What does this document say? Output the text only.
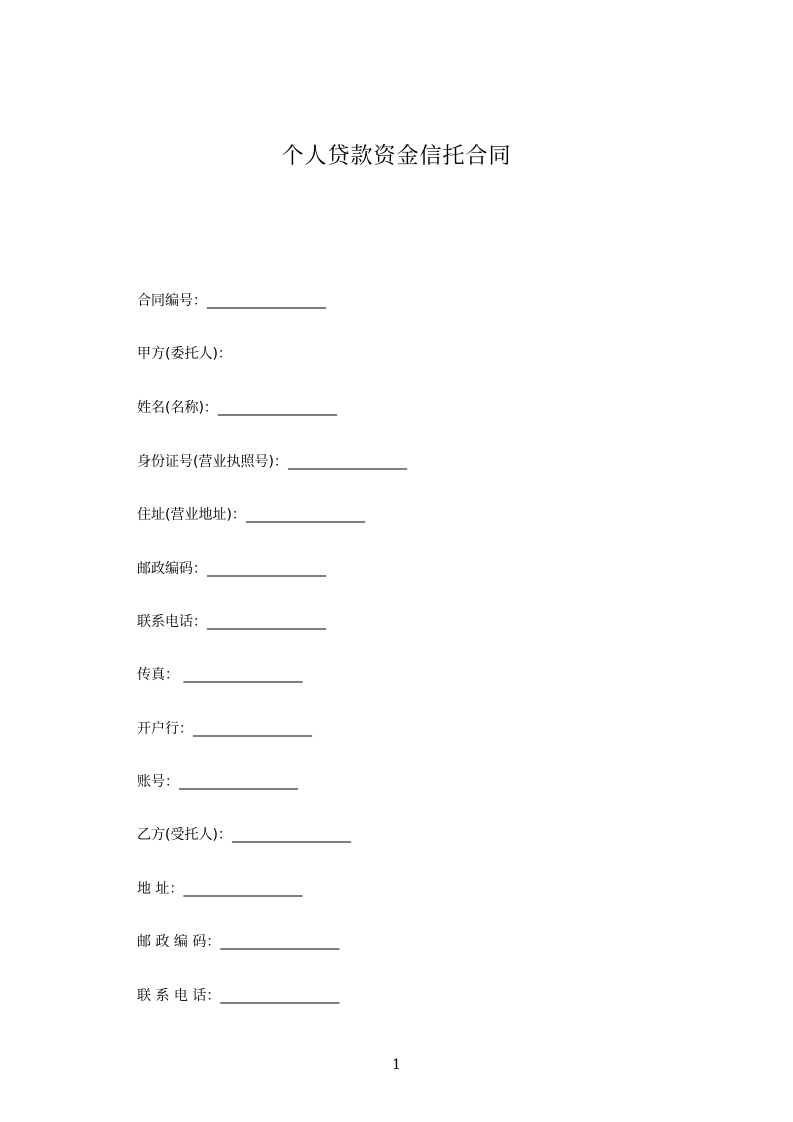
个人贷款资金信托合同
合同编号：_________________
甲方(委托人)：
姓名(名称)：_________________
身份证号(营业执照号)：_________________
住址(营业地址)：_________________
邮政编码：_________________
联系电话：_________________
传真： _________________
开户行：_________________
账号：_________________
乙方(受托人)：_________________
地 址：_________________
邮 政 编 码：_________________
联 系 电 话：_________________
1
